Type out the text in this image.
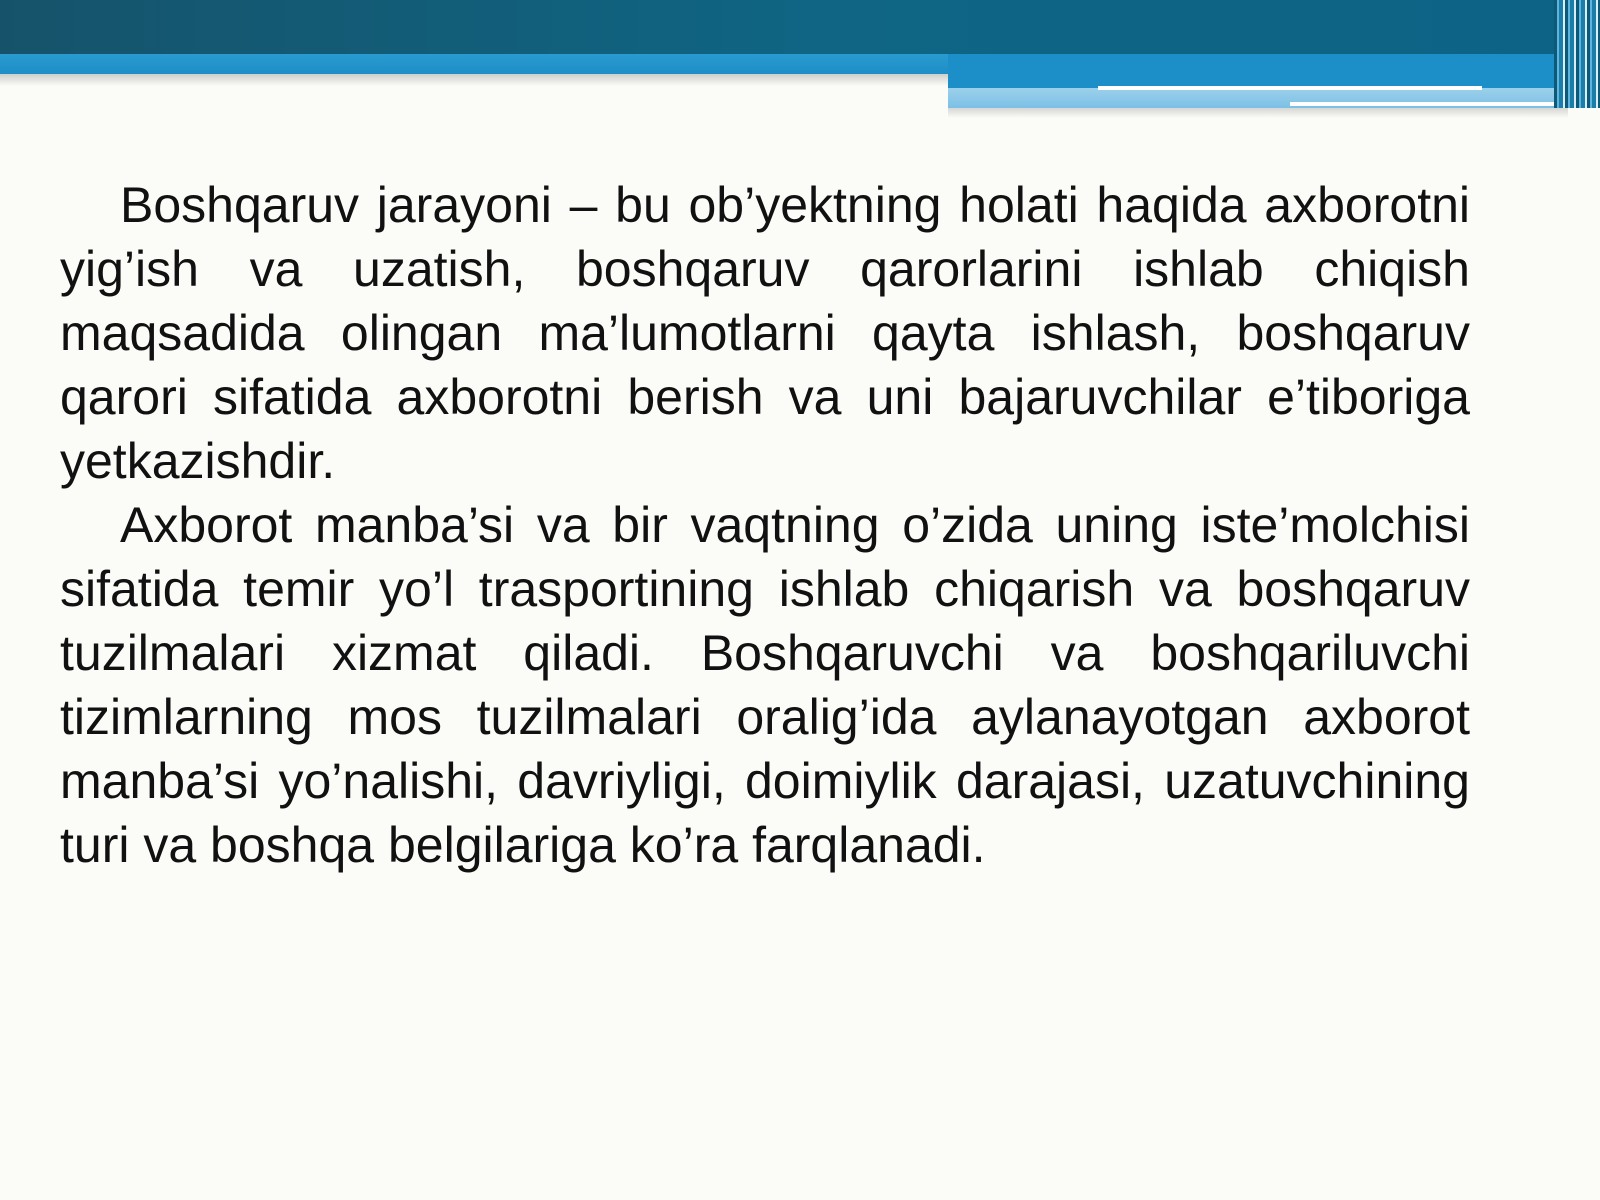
Boshqaruv jarayoni – bu ob’yektning holati haqida axborotni yig’ish va uzatish, boshqaruv qarorlarini ishlab chiqish maqsadida olingan ma’lumotlarni qayta ishlash, boshqaruv qarori sifatida axborotni berish va uni bajaruvchilar e’tiboriga yetkazishdir.

Axborot manba’si va bir vaqtning o’zida uning iste’molchisi sifatida temir yo’l trasportining ishlab chiqarish va boshqaruv tuzilmalari xizmat qiladi. Boshqaruvchi va boshqariluvchi tizimlarning mos tuzilmalari oralig’ida aylanayotgan axborot manba’si yo’nalishi, davriyligi, doimiylik darajasi, uzatuvchining turi va boshqa belgilariga ko’ra farqlanadi.
